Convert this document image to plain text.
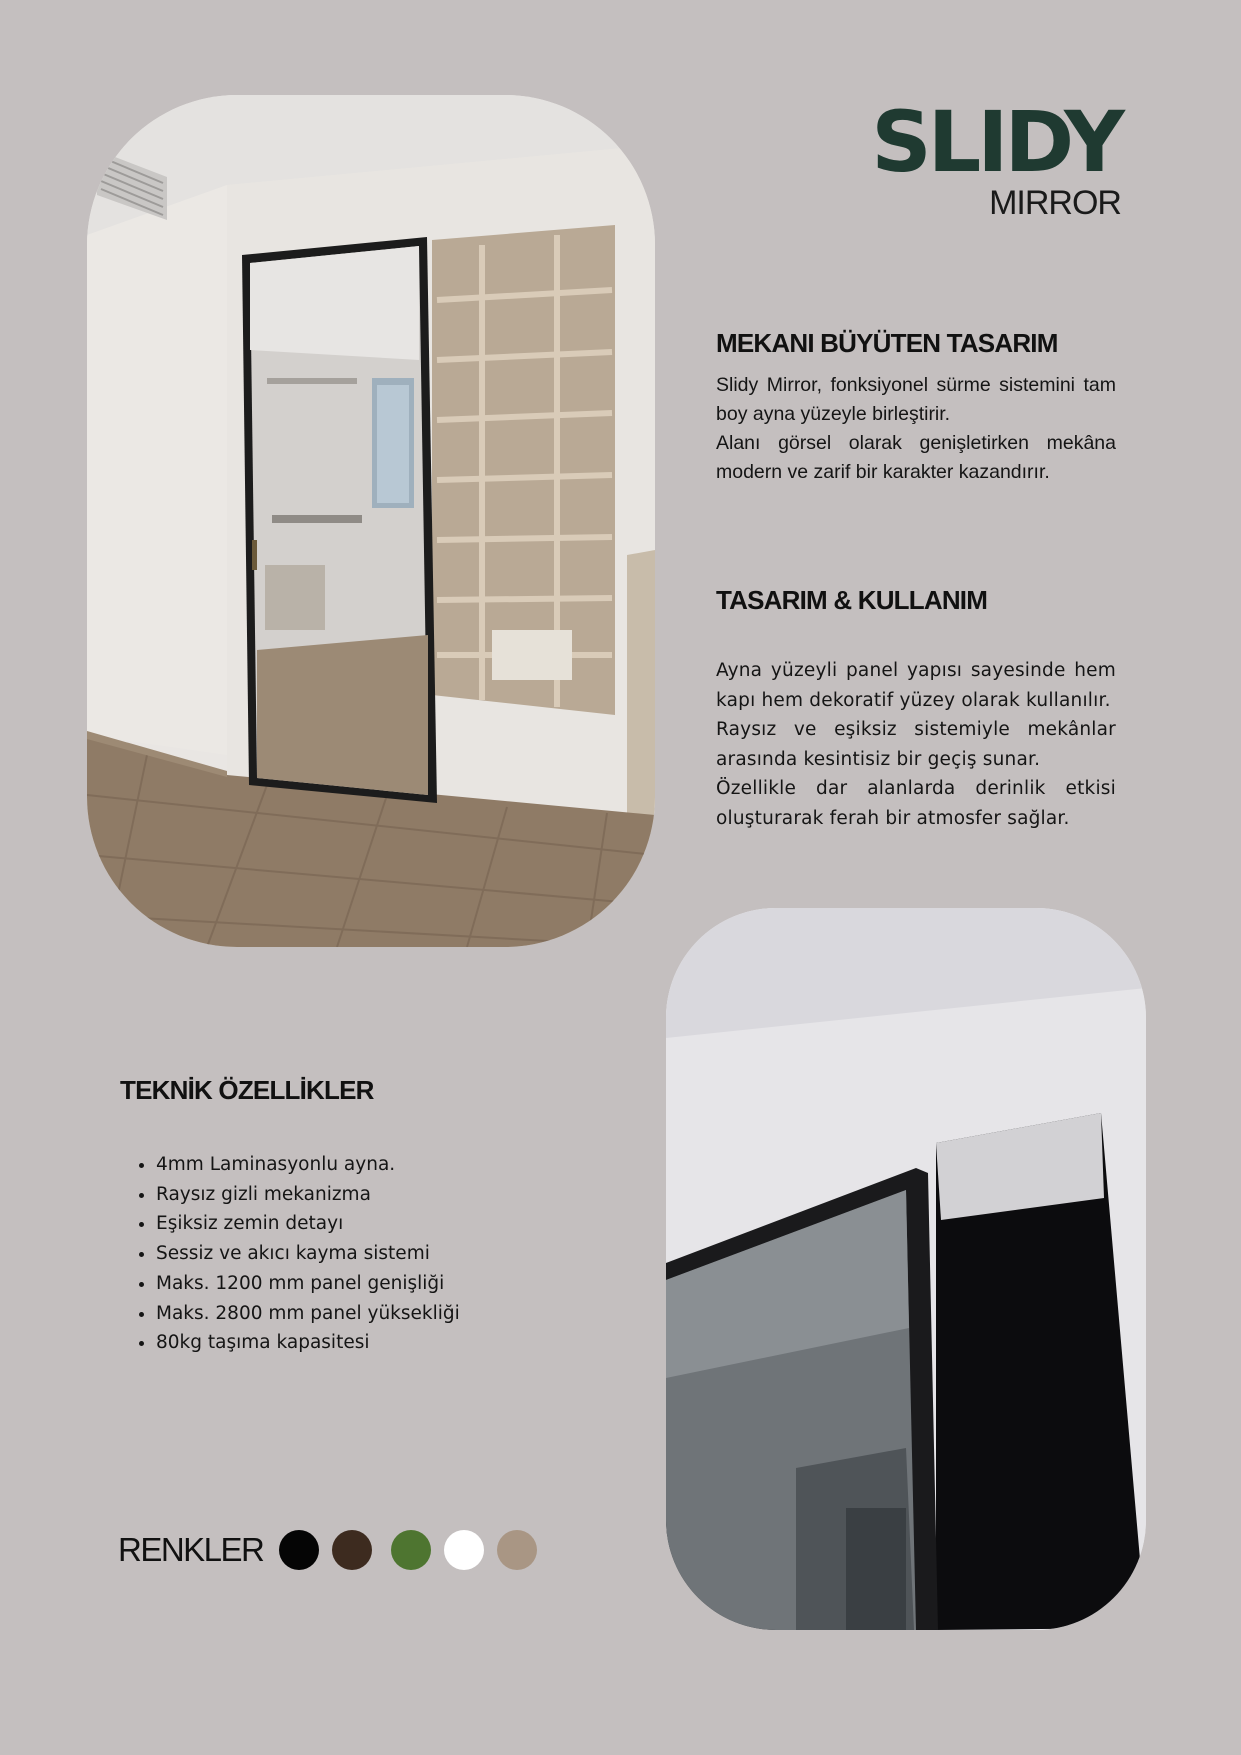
SLIDY
MIRROR
MEKANI BÜYÜTEN TASARIM

Slidy Mirror, fonksiyonel sürme sistemini tam boy ayna yüzeyle birleştirir.

Alanı görsel olarak genişletirken mekâna modern ve zarif bir karakter kazandırır.

TASARIM & KULLANIM

Ayna yüzeyli panel yapısı sayesinde hem kapı hem dekoratif yüzey olarak kullanılır.

Raysız ve eşiksiz sistemiyle mekânlar arasında kesintisiz bir geçiş sunar.

Özellikle dar alanlarda derinlik etkisi oluşturarak ferah bir atmosfer sağlar.

TEKNİK ÖZELLİKLER
• 4mm Laminasyonlu ayna.
• Raysız gizli mekanizma
• Eşiksiz zemin detayı
• Sessiz ve akıcı kayma sistemi
• Maks. 1200 mm panel genişliği
• Maks. 2800 mm panel yüksekliği
• 80kg taşıma kapasitesi
RENKLER
